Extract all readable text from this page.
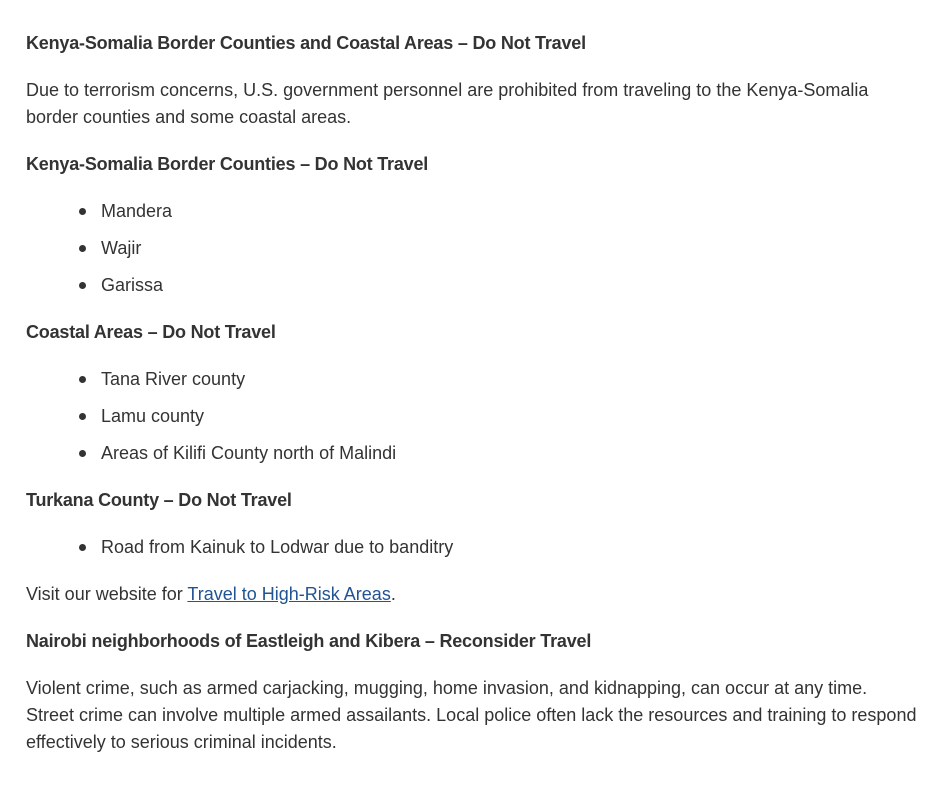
Kenya-Somalia Border Counties and Coastal Areas – Do Not Travel

Due to terrorism concerns, U.S. government personnel are prohibited from traveling to the Kenya-Somalia border counties and some coastal areas.

Kenya-Somalia Border Counties – Do Not Travel

Mandera
Wajir
Garissa

Coastal Areas – Do Not Travel

Tana River county
Lamu county
Areas of Kilifi County north of Malindi

Turkana County – Do Not Travel

Road from Kainuk to Lodwar due to banditry

Visit our website for Travel to High-Risk Areas.

Nairobi neighborhoods of Eastleigh and Kibera – Reconsider Travel

Violent crime, such as armed carjacking, mugging, home invasion, and kidnapping, can occur at any time.  Street crime can involve multiple armed assailants. Local police often lack the resources and training to respond effectively to serious criminal incidents.
